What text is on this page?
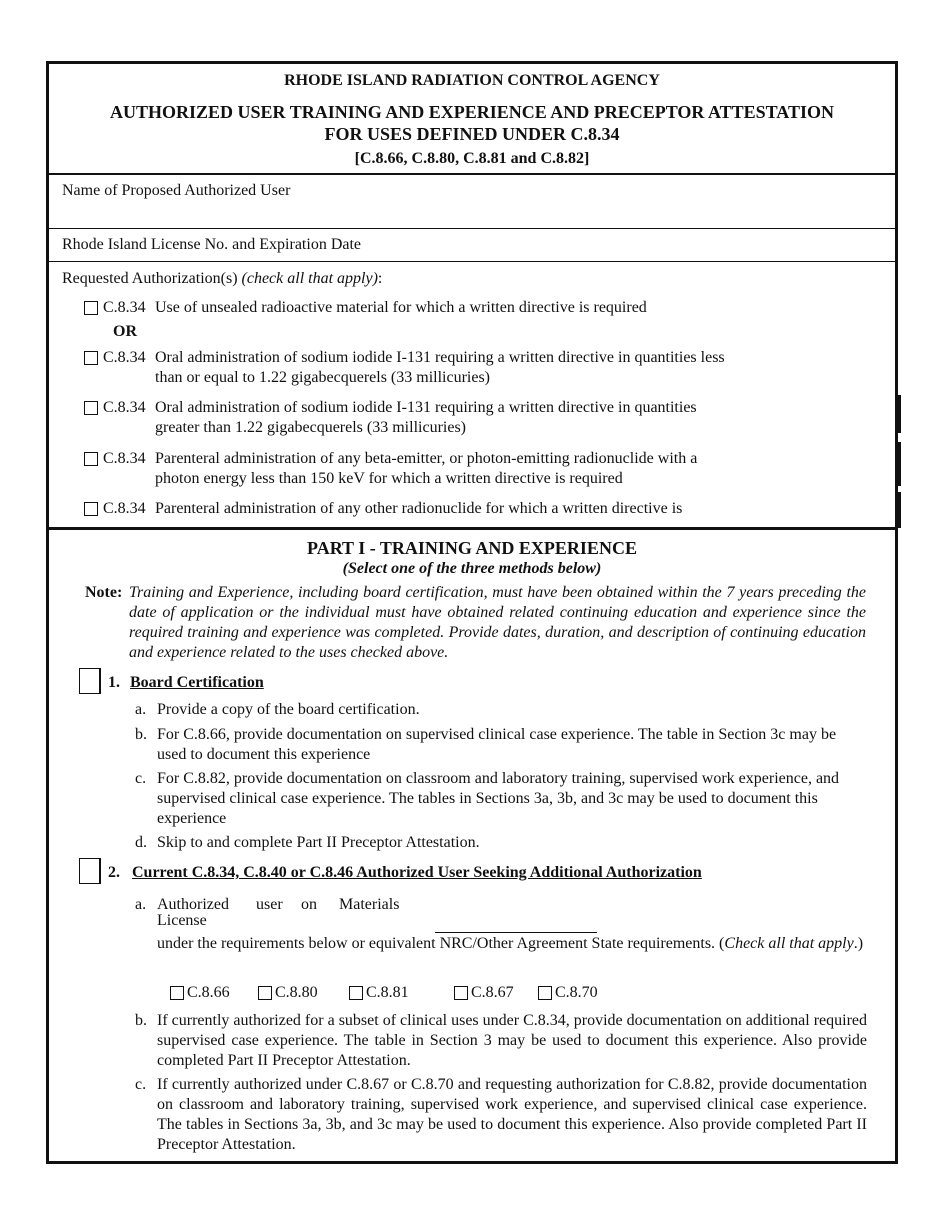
RHODE ISLAND RADIATION CONTROL AGENCY
AUTHORIZED USER TRAINING AND EXPERIENCE AND PRECEPTOR ATTESTATION
FOR USES DEFINED UNDER C.8.34
[C.8.66, C.8.80, C.8.81 and C.8.82]
Name of Proposed Authorized User
Rhode Island License No. and Expiration Date
Requested Authorization(s) (check all that apply):
C.8.34 Use of unsealed radioactive material for which a written directive is required
OR
C.8.34 Oral administration of sodium iodide I-131 requiring a written directive in quantities less
than or equal to 1.22 gigabecquerels (33 millicuries)
C.8.34 Oral administration of sodium iodide I-131 requiring a written directive in quantities
greater than 1.22 gigabecquerels (33 millicuries)
C.8.34 Parenteral administration of any beta-emitter, or photon-emitting radionuclide with a
photon energy less than 150 keV for which a written directive is required
C.8.34 Parenteral administration of any other radionuclide for which a written directive is
PART I - TRAINING AND EXPERIENCE
(Select one of the three methods below)
Note: Training and Experience, including board certification, must have been obtained within the 7 years preceding the date of application or the individual must have obtained related continuing education and experience since the required training and experience was completed. Provide dates, duration, and description of continuing education and experience related to the uses checked above.
1. Board Certification
a. Provide a copy of the board certification.
b. For C.8.66, provide documentation on supervised clinical case experience. The table in Section 3c may be used to document this experience
c. For C.8.82, provide documentation on classroom and laboratory training, supervised work experience, and supervised clinical case experience. The tables in Sections 3a, 3b, and 3c may be used to document this experience
d. Skip to and complete Part II Preceptor Attestation.
2. Current C.8.34, C.8.40 or C.8.46 Authorized User Seeking Additional Authorization
a. Authorized user on Materials
License
under the requirements below or equivalent NRC/Other Agreement State requirements. (Check all that apply.)
C.8.66	C.8.80	C.8.81	C.8.67	C.8.70
b. If currently authorized for a subset of clinical uses under C.8.34, provide documentation on additional required supervised case experience. The table in Section 3 may be used to document this experience. Also provide completed Part II Preceptor Attestation.
c. If currently authorized under C.8.67 or C.8.70 and requesting authorization for C.8.82, provide documentation on classroom and laboratory training, supervised work experience, and supervised clinical case experience. The tables in Sections 3a, 3b, and 3c may be used to document this experience. Also provide completed Part II Preceptor Attestation.
